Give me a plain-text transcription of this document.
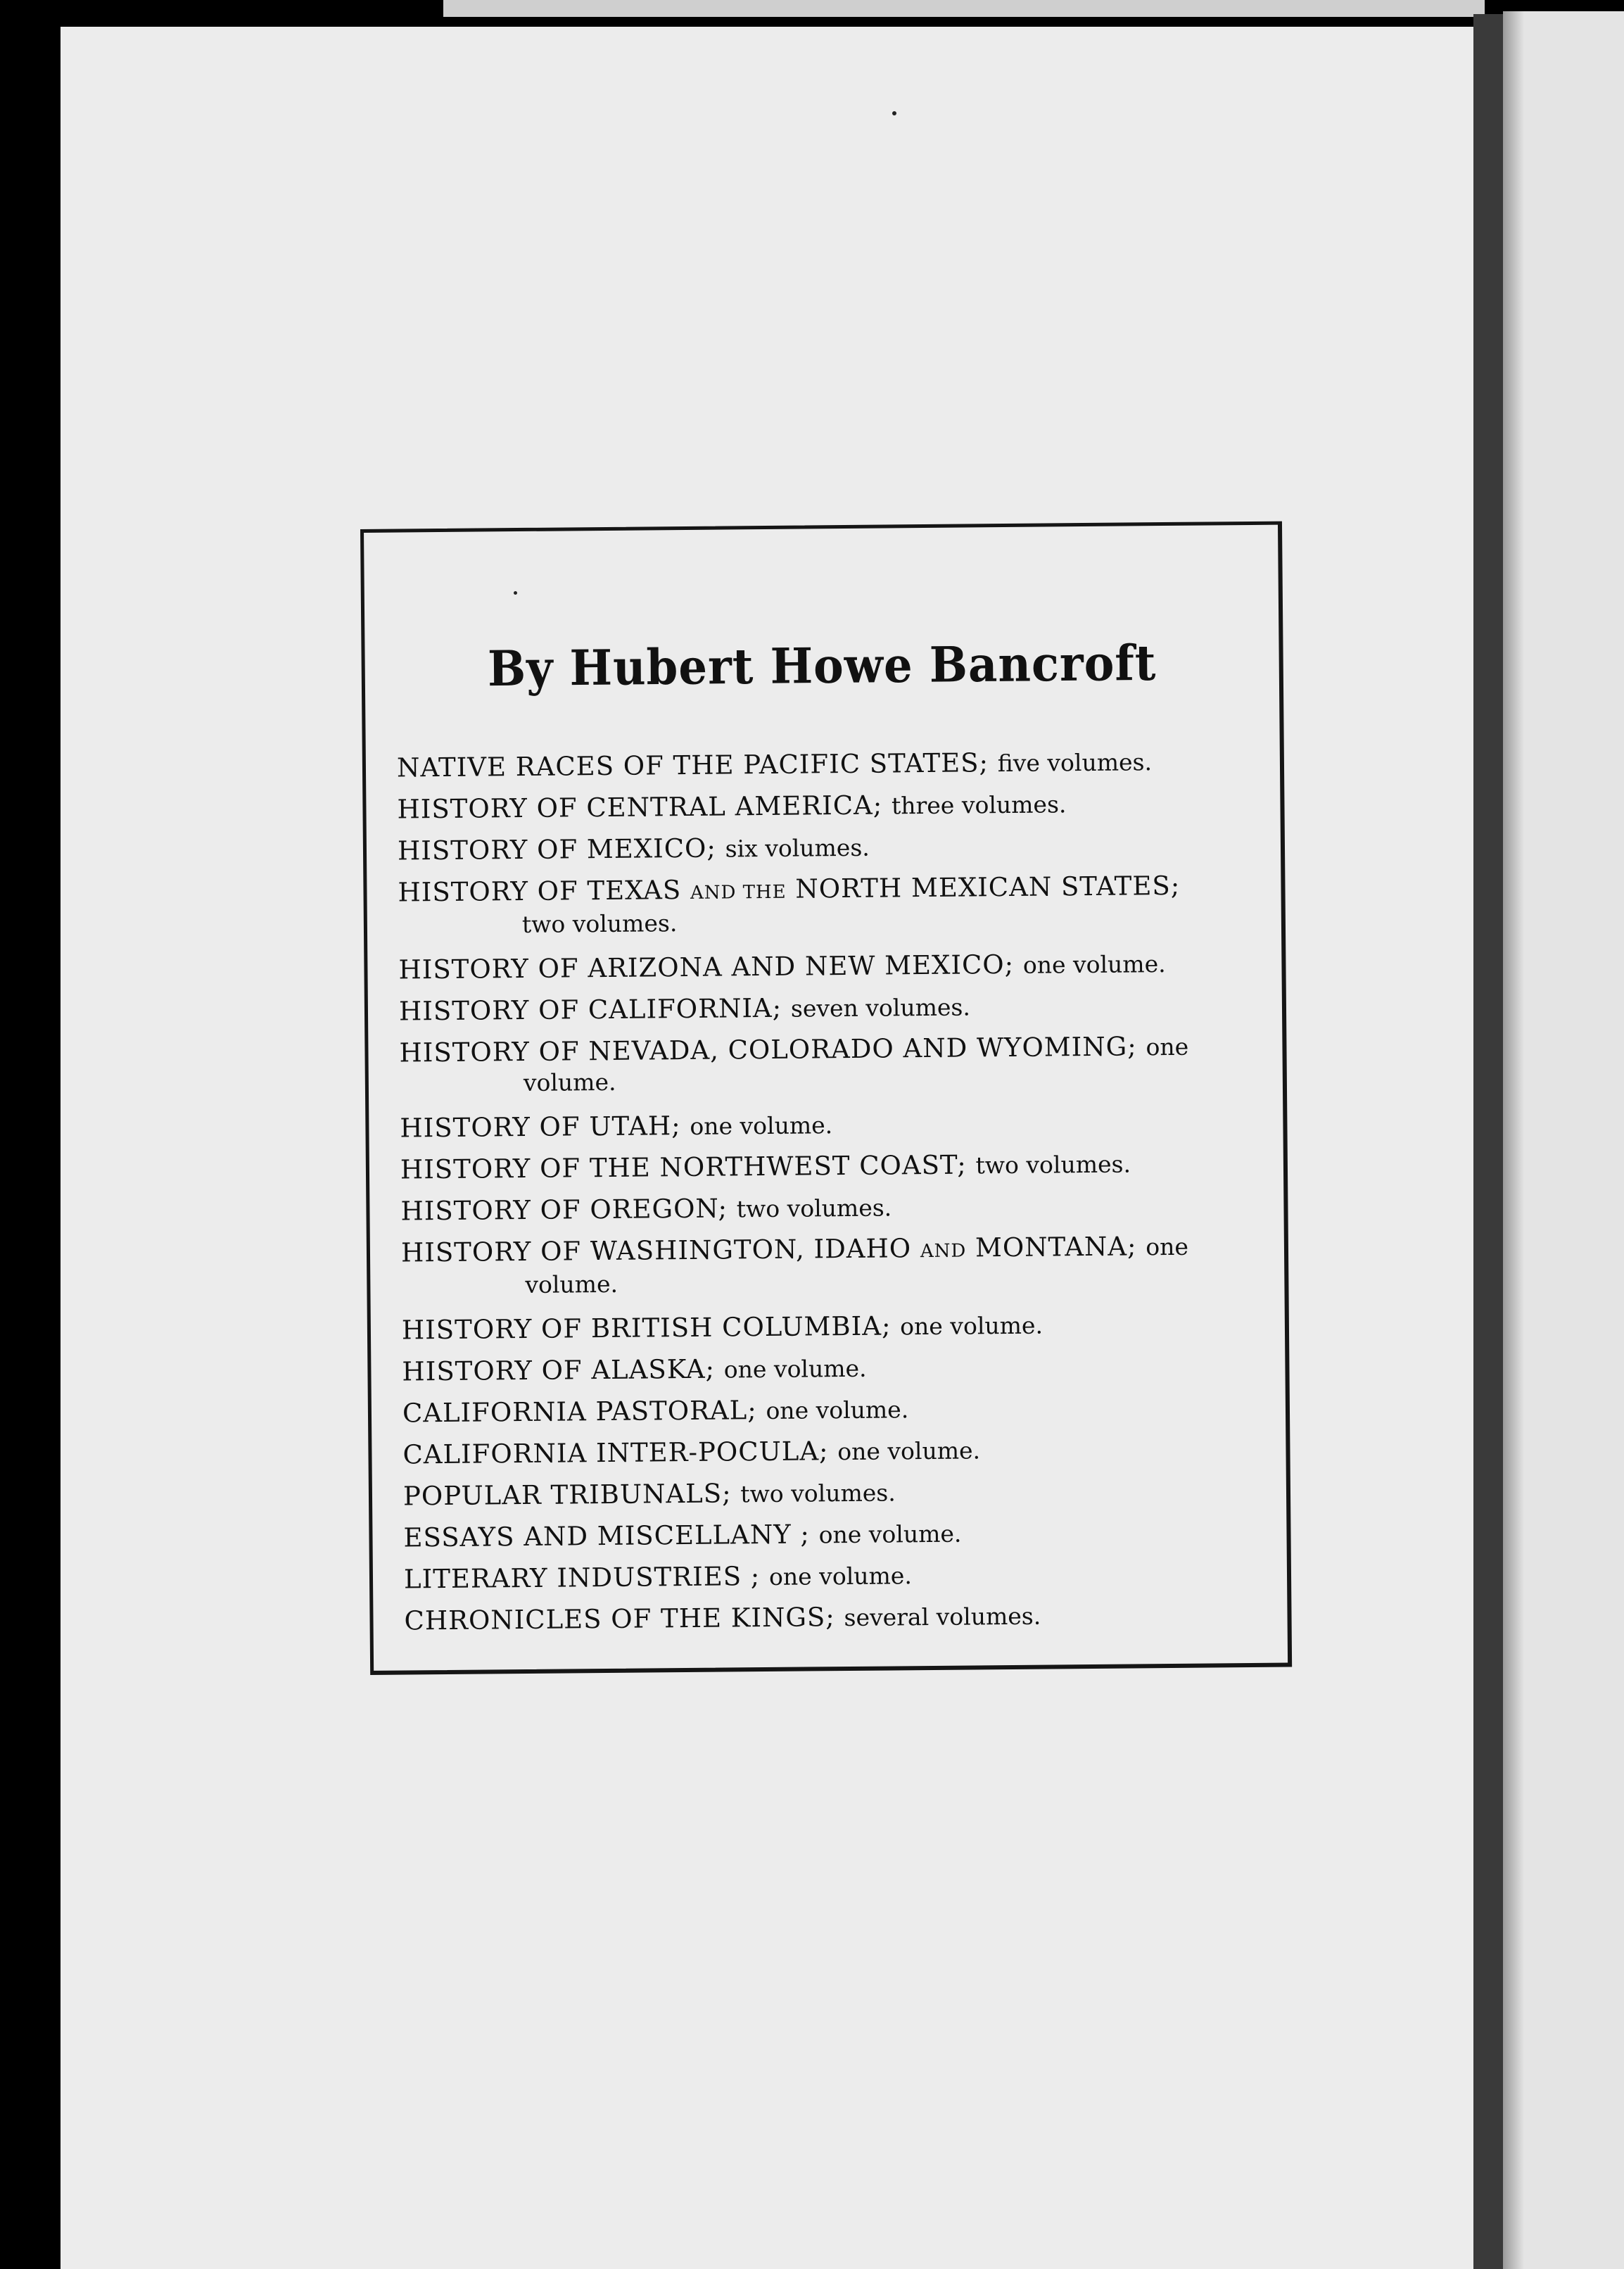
By Hubert Howe Bancroft
NATIVE RACES OF THE PACIFIC STATES; five volumes.
HISTORY OF CENTRAL AMERICA; three volumes.
HISTORY OF MEXICO; six volumes.
HISTORY OF TEXAS AND THE NORTH MEXICAN STATES;
two volumes.
HISTORY OF ARIZONA AND NEW MEXICO; one volume.
HISTORY OF CALIFORNIA; seven volumes.
HISTORY OF NEVADA, COLORADO AND WYOMING; one
volume.
HISTORY OF UTAH; one volume.
HISTORY OF THE NORTHWEST COAST; two volumes.
HISTORY OF OREGON; two volumes.
HISTORY OF WASHINGTON, IDAHO AND MONTANA; one
volume.
HISTORY OF BRITISH COLUMBIA; one volume.
HISTORY OF ALASKA; one volume.
CALIFORNIA PASTORAL; one volume.
CALIFORNIA INTER-POCULA; one volume.
POPULAR TRIBUNALS; two volumes.
ESSAYS AND MISCELLANY ; one volume.
LITERARY INDUSTRIES ; one volume.
CHRONICLES OF THE KINGS; several volumes.
